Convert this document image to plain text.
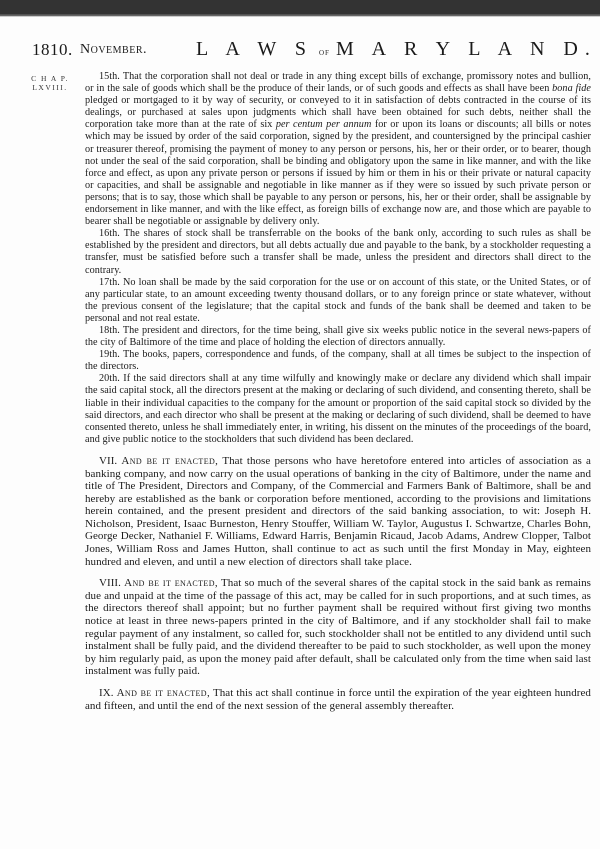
1810. November. L A W S of M A R Y L A N D.
C H A P.
LXVIII.

15th. That the corporation shall not deal or trade in any thing except bills of exchange, promissory notes and bullion, or in the sale of goods which shall be the produce of their lands, or of such goods and effects as shall have been bona fide pledged or mortgaged to it by way of security, or conveyed to it in satisfaction of debts contracted in the course of its dealings, or purchased at sales upon judgments which shall have been obtained for such debts, neither shall the corporation take more than at the rate of six per centum per annum for or upon its loans or discounts; all bills or notes which may be issued by order of the said corporation, signed by the president, and countersigned by the principal cashier or treasurer thereof, promising the payment of money to any person or persons, his, her or their order, or to bearer, though not under the seal of the said corporation, shall be binding and obligatory upon the same in like manner, and with the like force and effect, as upon any private person or persons if issued by him or them in his or their private or natural capacity or capacities, and shall be assignable and negotiable in like manner as if they were so issued by such private person or persons; that is to say, those which shall be payable to any person or persons, his, her or their order, shall be assignable by endorsement in like manner, and with the like effect, as foreign bills of exchange now are, and those which are payable to bearer shall be negotiable or assignable by delivery only.

16th. The shares of stock shall be transferrable on the books of the bank only, according to such rules as shall be established by the president and directors, but all debts actually due and payable to the bank, by a stockholder requesting a transfer, must be satisfied before such a transfer shall be made, unless the president and directors shall direct to the contrary.

17th. No loan shall be made by the said corporation for the use or on account of this state, or the United States, or of any particular state, to an amount exceeding twenty thousand dollars, or to any foreign prince or state whatever, without the previous consent of the legislature; that the capital stock and funds of the bank shall be deemed and taken to be personal and not real estate.

18th. The president and directors, for the time being, shall give six weeks public notice in the several news-papers of the city of Baltimore of the time and place of holding the election of directors annually.

19th. The books, papers, correspondence and funds, of the company, shall at all times be subject to the inspection of the directors.

20th. If the said directors shall at any time wilfully and knowingly make or declare any dividend which shall impair the said capital stock, all the directors present at the making or declaring of such dividend, and consenting thereto, shall be liable in their individual capacities to the company for the amount or proportion of the said capital stock so divided by the said directors, and each director who shall be present at the making or declaring of such dividend, shall be deemed to have consented thereto, unless he shall immediately enter, in writing, his dissent on the minutes of the proceedings of the board, and give public notice to the stockholders that such dividend has been declared.

VII. And be it enacted, That those persons who have heretofore entered into articles of association as a banking company, and now carry on the usual operations of banking in the city of Baltimore, under the name and title of The President, Directors and Company, of the Commercial and Farmers Bank of Baltimore, shall be and hereby are established as the bank or corporation before mentioned, according to the provisions and limitations herein contained, and the present president and directors of the said banking association, to wit: Joseph H. Nicholson, President, Isaac Burneston, Henry Stouffer, William W. Taylor, Augustus I. Schwartze, Charles Bohn, George Decker, Nathaniel F. Williams, Edward Harris, Benjamin Ricaud, Jacob Adams, Andrew Clopper, Talbot Jones, William Ross and James Hutton, shall continue to act as such until the first Monday in May, eighteen hundred and eleven, and until a new election of directors shall take place.

VIII. And be it enacted, That so much of the several shares of the capital stock in the said bank as remains due and unpaid at the time of the passage of this act, may be called for in such proportions, and at such times, as the directors thereof shall appoint; but no further payment shall be required without first giving two months notice at least in three news-papers printed in the city of Baltimore, and if any stockholder shall fail to make regular payment of any instalment, so called for, such stockholder shall not be entitled to any dividend until such instalment shall be fully paid, and the dividend thereafter to be paid to such stockholder, as well upon the money by him regularly paid, as upon the money paid after default, shall be calculated only from the time when said last instalment was fully paid.

IX. And be it enacted, That this act shall continue in force until the expiration of the year eighteen hundred and fifteen, and until the end of the next session of the general assembly thereafter.
